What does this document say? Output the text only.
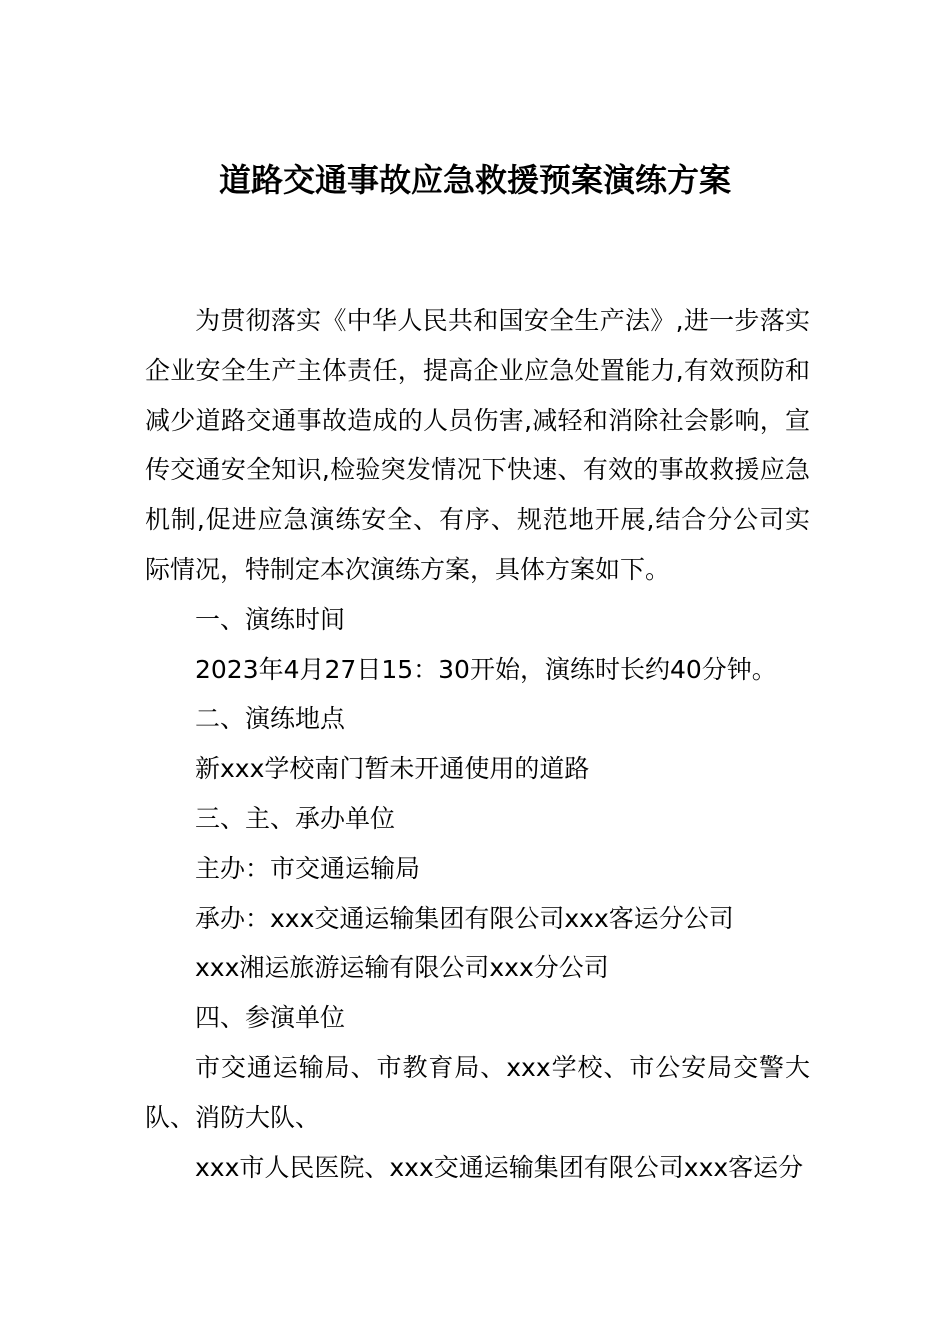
道路交通事故应急救援预案演练方案

为贯彻落实《中华人民共和国安全生产法》,进一步落实企业安全生产主体责任，提高企业应急处置能力,有效预防和减少道路交通事故造成的人员伤害,减轻和消除社会影响，宣传交通安全知识,检验突发情况下快速、有效的事故救援应急机制,促进应急演练安全、有序、规范地开展,结合分公司实际情况，特制定本次演练方案，具体方案如下。

一、演练时间

2023年4月27日15：30开始，演练时长约40分钟。

二、演练地点

新xxx学校南门暂未开通使用的道路

三、主、承办单位

主办：市交通运输局

承办：xxx交通运输集团有限公司xxx客运分公司

xxx湘运旅游运输有限公司xxx分公司

四、参演单位

市交通运输局、市教育局、xxx学校、市公安局交警大队、消防大队、

xxx市人民医院、xxx交通运输集团有限公司xxx客运分
